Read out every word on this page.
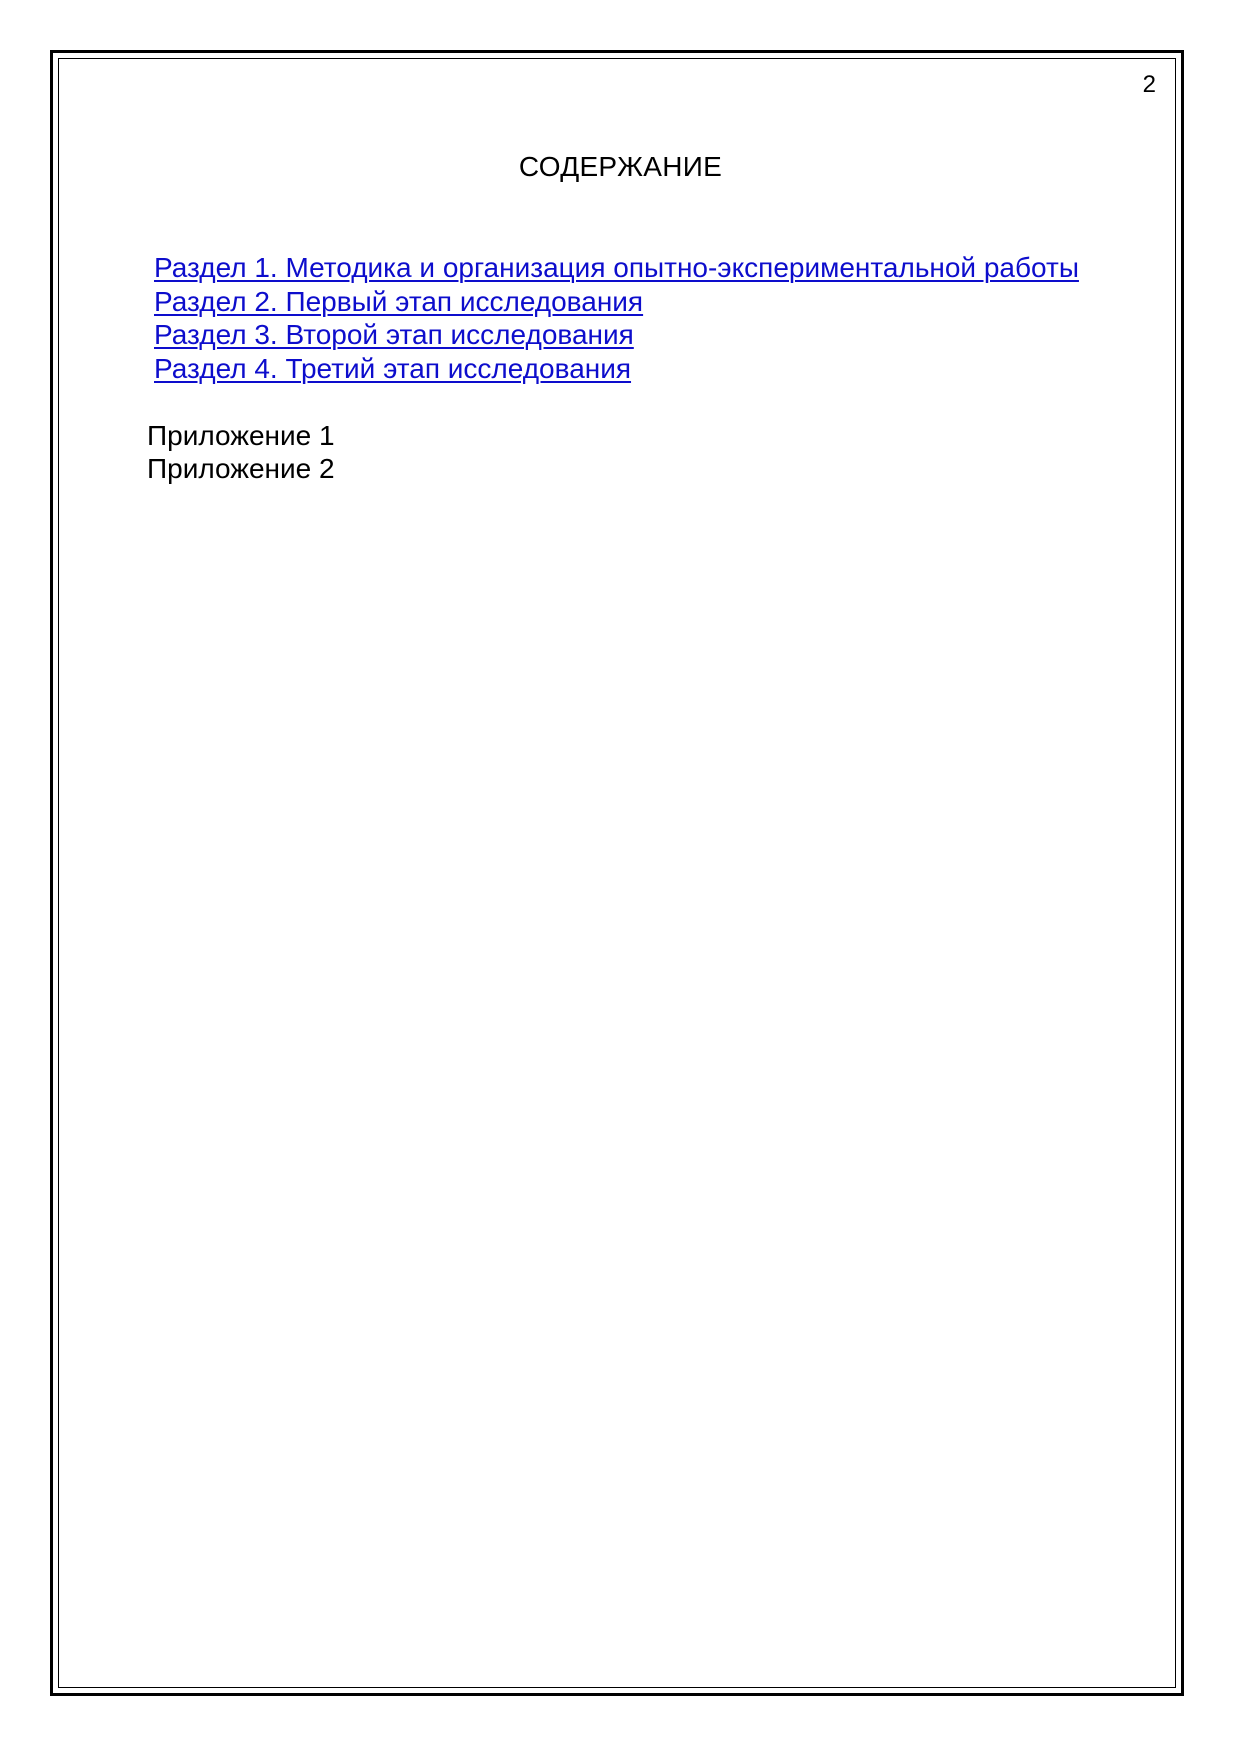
2
СОДЕРЖАНИЕ
Раздел 1. Методика и организация опытно-экспериментальной работы
Раздел 2. Первый этап исследования
Раздел 3. Второй этап исследования
Раздел 4. Третий этап исследования
Приложение 1
Приложение 2
